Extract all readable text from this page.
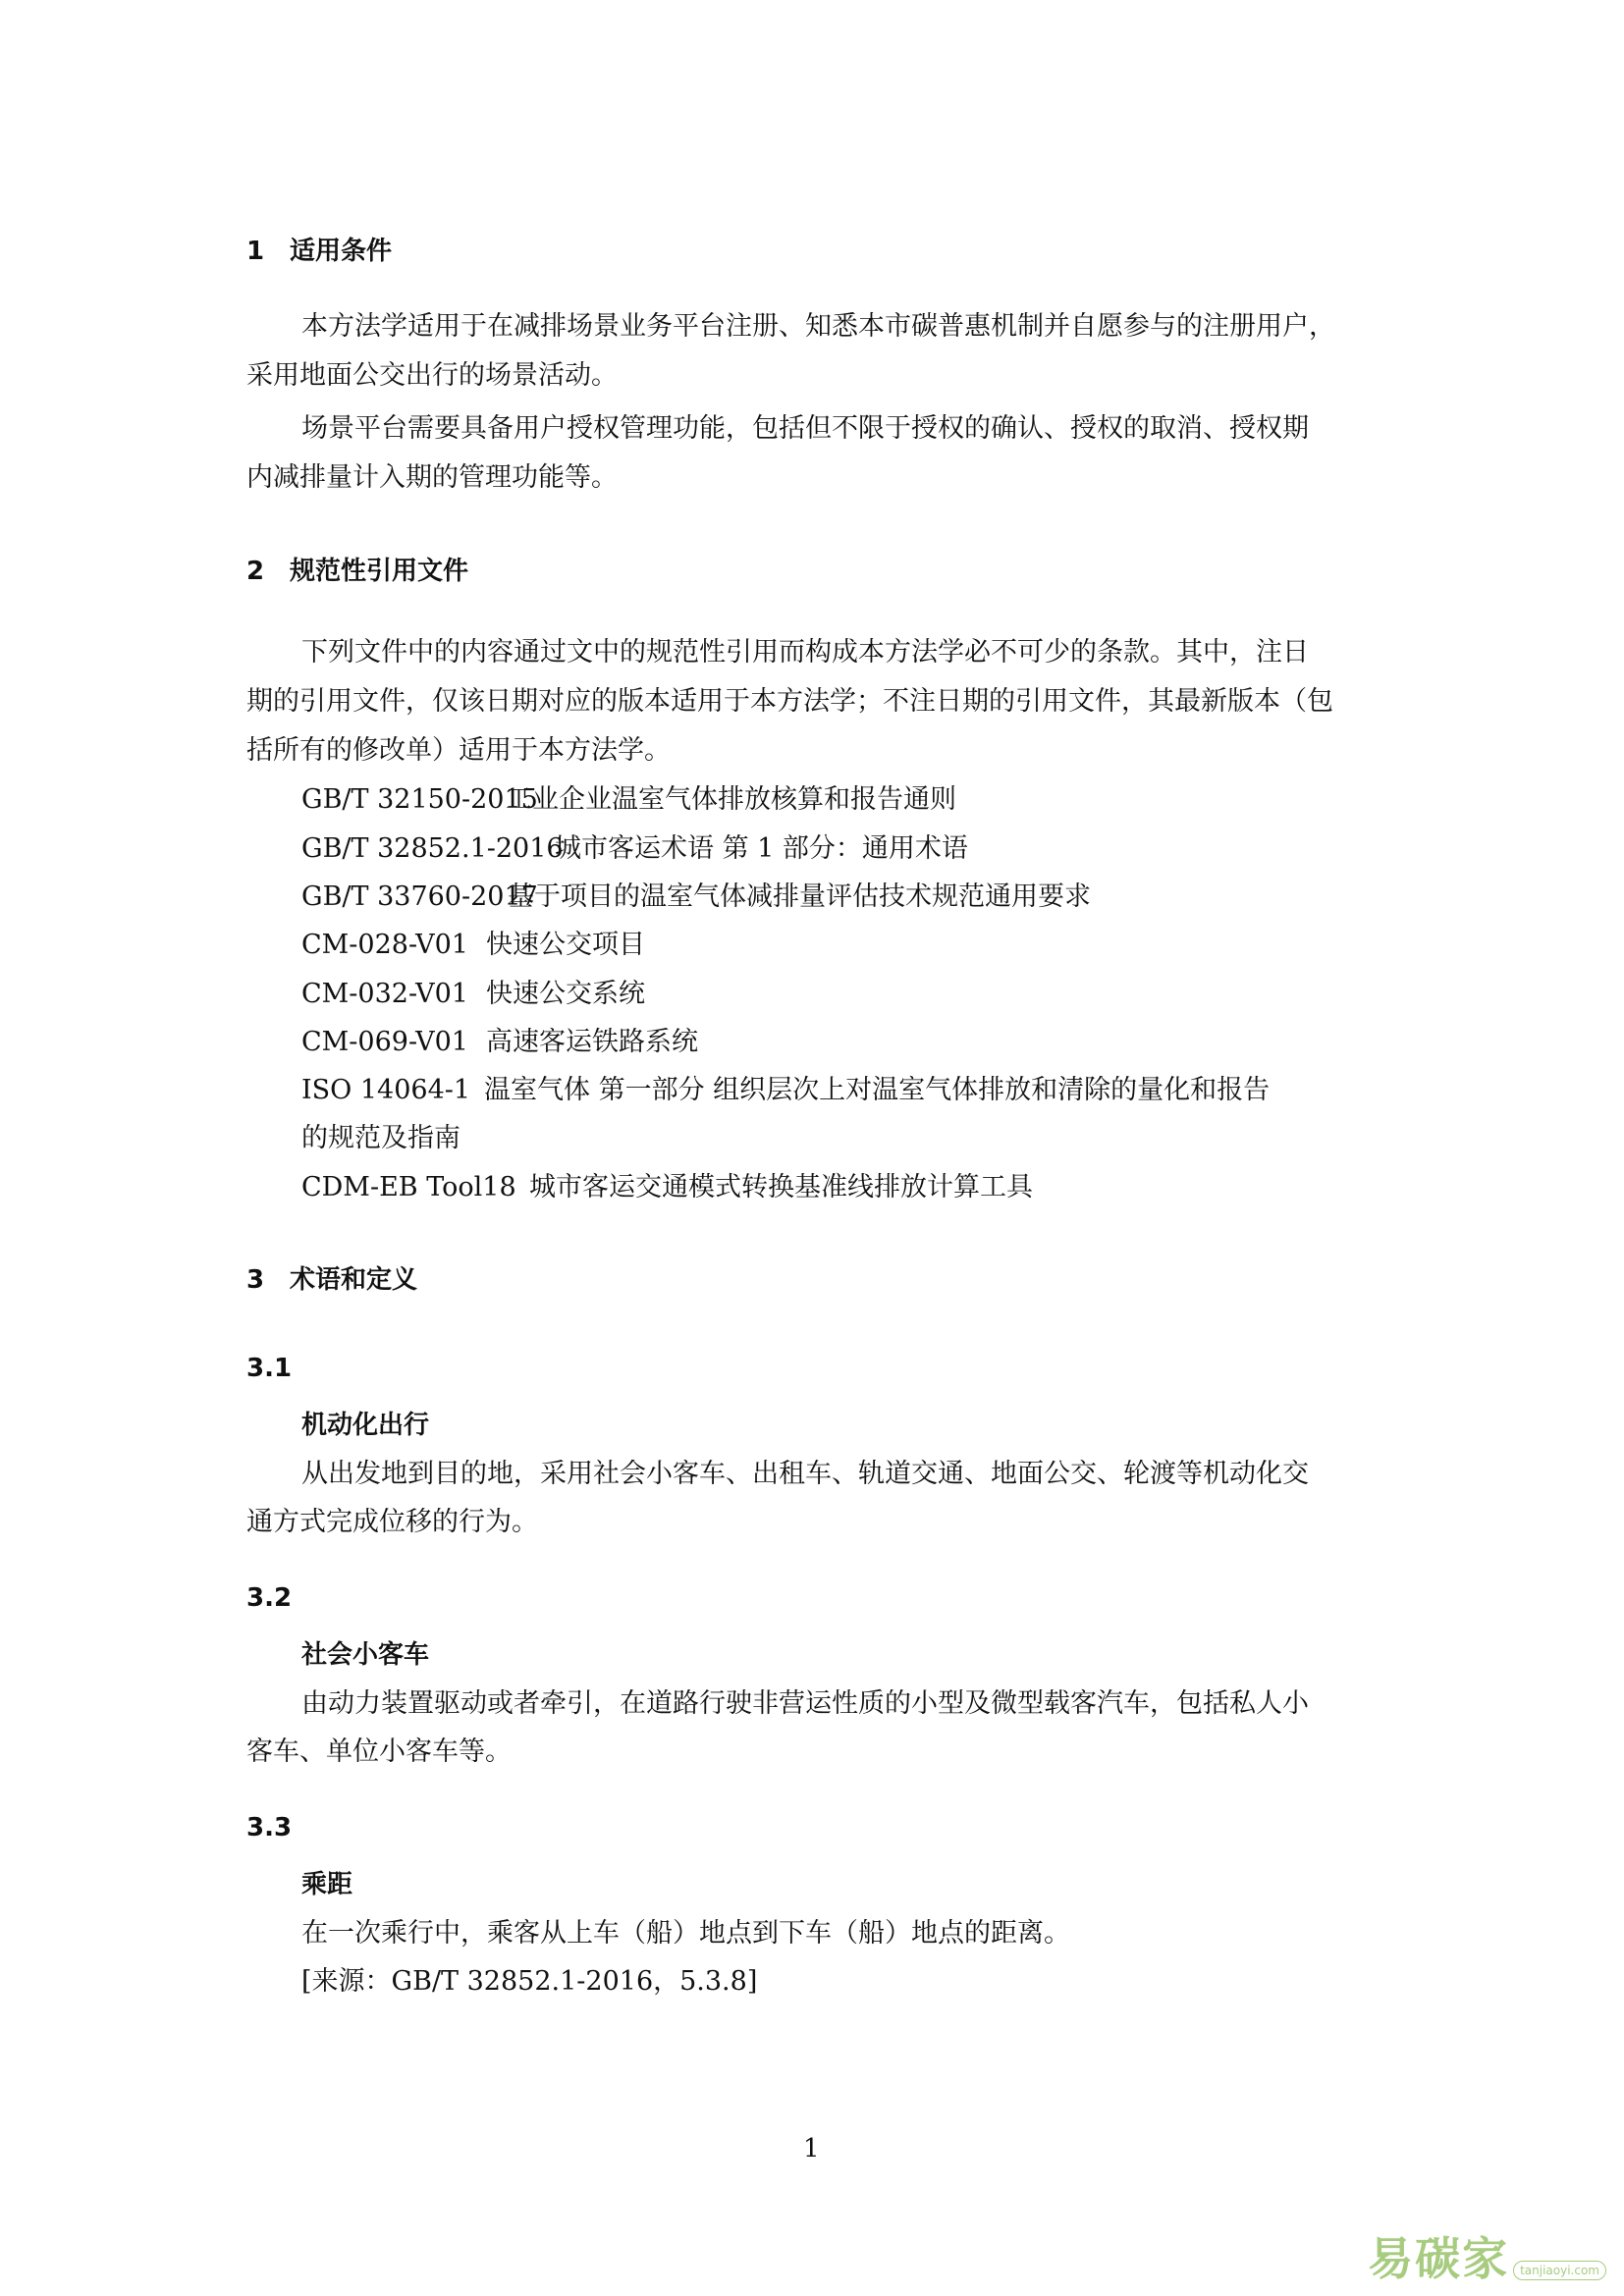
1 适用条件
本方法学适用于在减排场景业务平台注册、知悉本市碳普惠机制并自愿参与的注册用户，
采用地面公交出行的场景活动。
场景平台需要具备用户授权管理功能，包括但不限于授权的确认、授权的取消、授权期
内减排量计入期的管理功能等。
2 规范性引用文件
下列文件中的内容通过文中的规范性引用而构成本方法学必不可少的条款。其中，注日
期的引用文件，仅该日期对应的版本适用于本方法学；不注日期的引用文件，其最新版本（包
括所有的修改单）适用于本方法学。
GB/T 32150-2015工业企业温室气体排放核算和报告通则
GB/T 32852.1-2016城市客运术语 第 1 部分：通用术语
GB/T 33760-2017基于项目的温室气体减排量评估技术规范通用要求
CM-028-V01 快速公交项目
CM-032-V01 快速公交系统
CM-069-V01 高速客运铁路系统
ISO 14064-1 温室气体 第一部分 组织层次上对温室气体排放和清除的量化和报告
的规范及指南
CDM-EB Tool18 城市客运交通模式转换基准线排放计算工具
3 术语和定义
3.1
机动化出行
从出发地到目的地，采用社会小客车、出租车、轨道交通、地面公交、轮渡等机动化交
通方式完成位移的行为。
3.2
社会小客车
由动力装置驱动或者牵引，在道路行驶非营运性质的小型及微型载客汽车，包括私人小
客车、单位小客车等。
3.3
乘距
在一次乘行中，乘客从上车（船）地点到下车（船）地点的距离。
[来源：GB/T 32852.1-2016，5.3.8]
1
易碳家 tanjiaoyi.com
